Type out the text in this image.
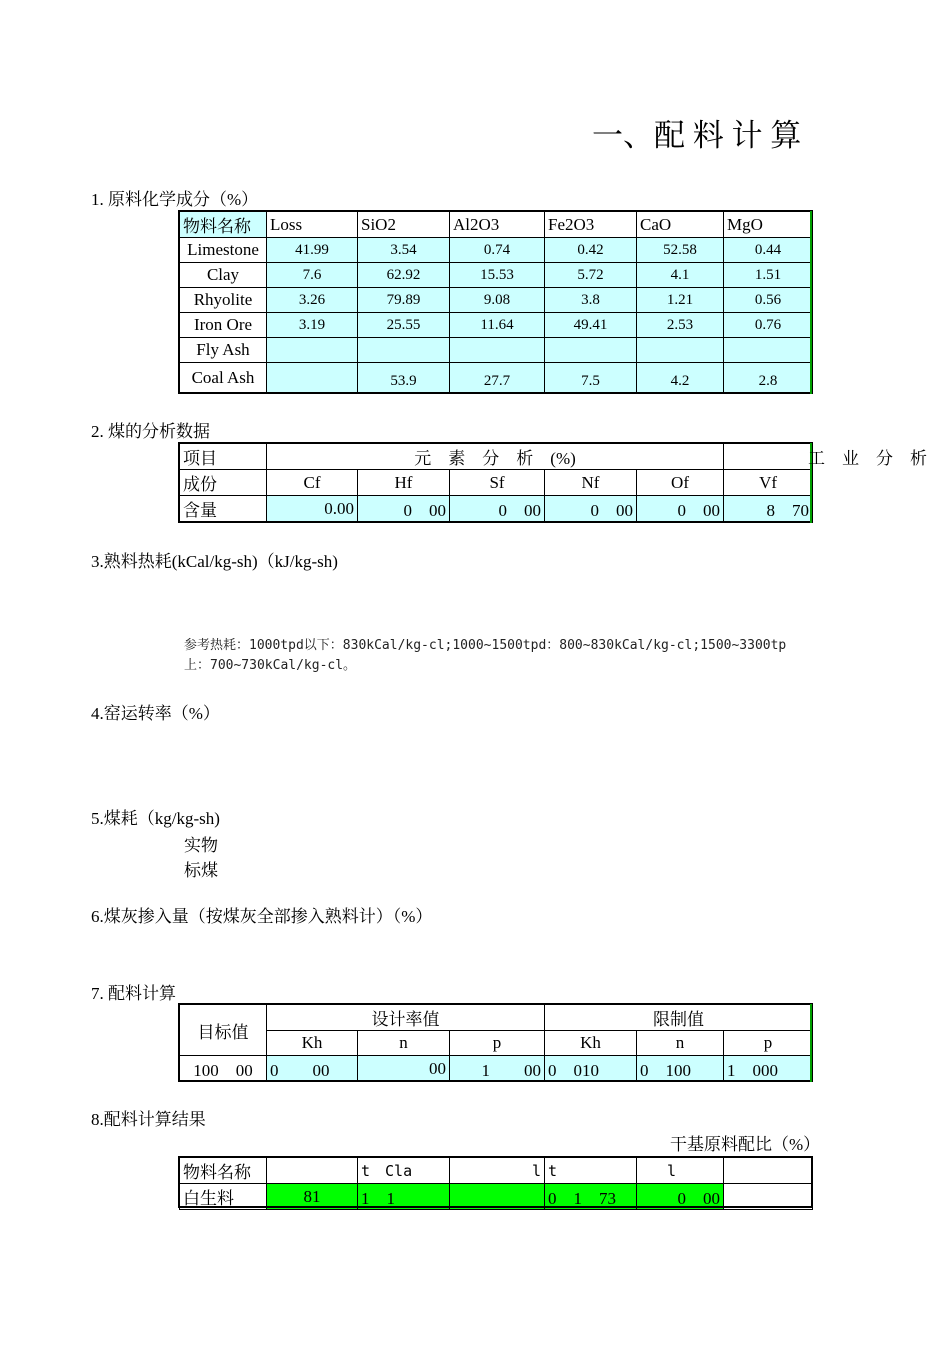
一、配 料 计 算
1. 原料化学成分（%）
物料名称	Loss	SiO2	Al2O3	Fe2O3	CaO	MgO
Limestone	41.99	3.54	0.74	0.42	52.58	0.44
Clay	7.6	62.92	15.53	5.72	4.1	1.51
Rhyolite	3.26	79.89	9.08	3.8	1.21	0.56
Iron Ore	3.19	25.55	11.64	49.41	2.53	0.76
Fly Ash						
Coal Ash		53.9	27.7	7.5	4.2	2.8
2. 煤的分析数据
项目	元　素　分　析　(%)					
成份	Cf	Hf	Sf	Nf	Of	Vf
含量	0.00	0　00	0　00	0　00	0　00	8　70
工　业　分　析
3.熟料热耗(kCal/kg-sh)（kJ/kg-sh)
参考热耗：1000tpd以下：830kCal/kg-cl;1000~1500tpd：800~830kCal/kg-cl;1500~3300tp
上：700~730kCal/kg-cl。
4.窑运转率（%）
5.煤耗（kg/kg-sh)
实物
标煤
6.煤灰掺入量（按煤灰全部掺入熟料计）（%）
7. 配料计算
目标值	设计率值			限制值		
	Kh	n	p	Kh	n	p
100　00	0　　00	00	1　　00	0　010	0　100	1　000
8.配料计算结果
干基原料配比（%）
物料名称		t　Cla	l	t	l	
白生料	81	1　1		0　1　73	0　00	
